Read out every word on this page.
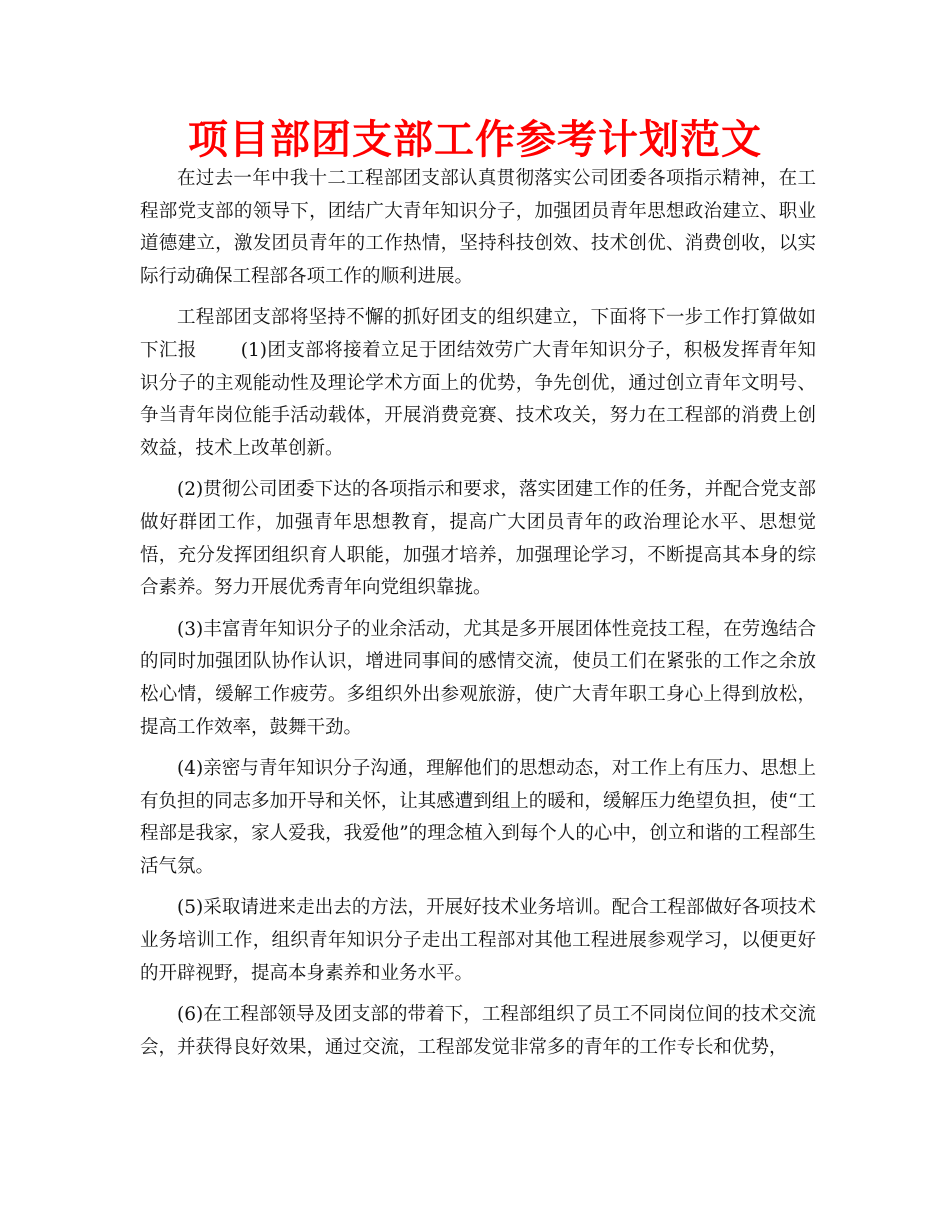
项目部团支部工作参考计划范文

在过去一年中我十二工程部团支部认真贯彻落实公司团委各项指示精神，在工程部党支部的领导下，团结广大青年知识分子，加强团员青年思想政治建立、职业道德建立，激发团员青年的工作热情，坚持科技创效、技术创优、消费创收，以实际行动确保工程部各项工作的顺利进展。

工程部团支部将坚持不懈的抓好团支的组织建立，下面将下一步工作打算做如下汇报 (1)团支部将接着立足于团结效劳广大青年知识分子，积极发挥青年知识分子的主观能动性及理论学术方面上的优势，争先创优，通过创立青年文明号、争当青年岗位能手活动载体，开展消费竞赛、技术攻关，努力在工程部的消费上创效益，技术上改革创新。

(2)贯彻公司团委下达的各项指示和要求，落实团建工作的任务，并配合党支部做好群团工作，加强青年思想教育，提高广大团员青年的政治理论水平、思想觉悟，充分发挥团组织育人职能，加强才培养，加强理论学习，不断提高其本身的综合素养。努力开展优秀青年向党组织靠拢。

(3)丰富青年知识分子的业余活动，尤其是多开展团体性竞技工程，在劳逸结合的同时加强团队协作认识，增进同事间的感情交流，使员工们在紧张的工作之余放松心情，缓解工作疲劳。多组织外出参观旅游，使广大青年职工身心上得到放松，提高工作效率，鼓舞干劲。

(4)亲密与青年知识分子沟通，理解他们的思想动态，对工作上有压力、思想上有负担的同志多加开导和关怀，让其感遭到组上的暖和，缓解压力绝望负担，使“工程部是我家，家人爱我，我爱他”的理念植入到每个人的心中，创立和谐的工程部生活气氛。

(5)采取请进来走出去的方法，开展好技术业务培训。配合工程部做好各项技术业务培训工作，组织青年知识分子走出工程部对其他工程进展参观学习，以便更好的开辟视野，提高本身素养和业务水平。

(6)在工程部领导及团支部的带着下，工程部组织了员工不同岗位间的技术交流会，并获得良好效果，通过交流，工程部发觉非常多的青年的工作专长和优势，
